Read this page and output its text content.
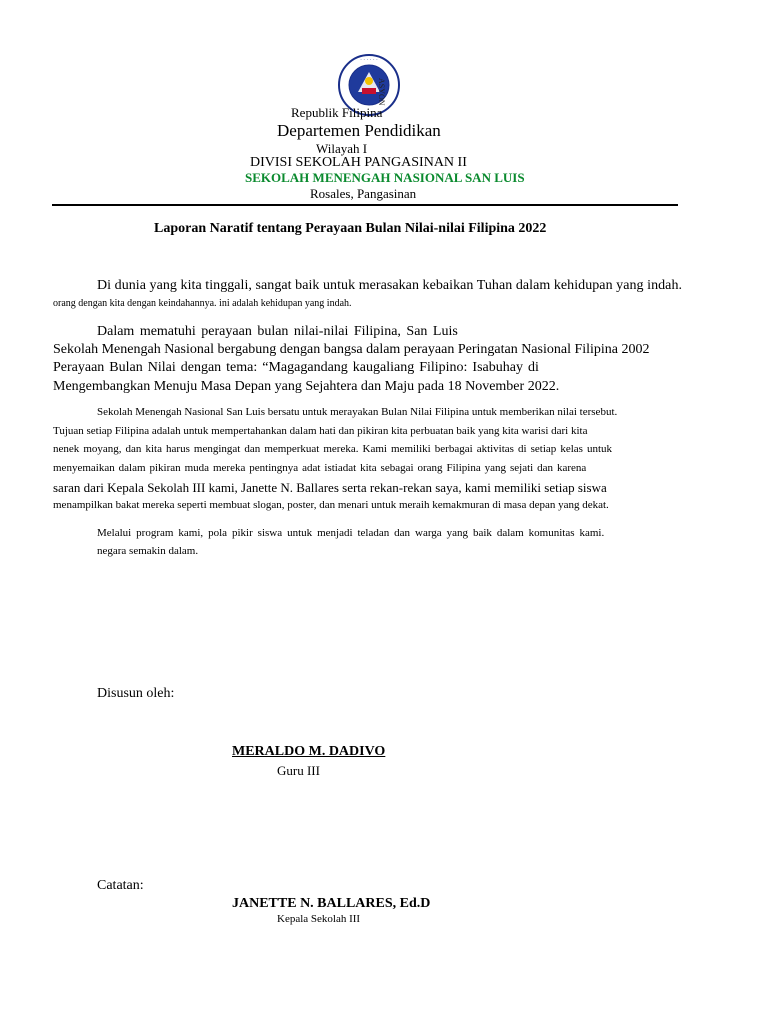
· · · · · ·
ASYON
Republik Filipina
Departemen Pendidikan
Wilayah I
DIVISI SEKOLAH PANGASINAN II
SEKOLAH MENENGAH NASIONAL SAN LUIS
Rosales, Pangasinan
Laporan Naratif tentang Perayaan Bulan Nilai-nilai Filipina 2022
Di dunia yang kita tinggali, sangat baik untuk merasakan kebaikan Tuhan dalam kehidupan yang indah.
orang dengan kita dengan keindahannya. ini adalah kehidupan yang indah.
Dalam mematuhi perayaan bulan nilai-nilai Filipina, San Luis
Sekolah Menengah Nasional bergabung dengan bangsa dalam perayaan Peringatan Nasional Filipina 2002
Perayaan Bulan Nilai dengan tema: “Magagandang kaugaliang Filipino: Isabuhay di
Mengembangkan Menuju Masa Depan yang Sejahtera dan Maju pada 18 November 2022.
Sekolah Menengah Nasional San Luis bersatu untuk merayakan Bulan Nilai Filipina untuk memberikan nilai tersebut.
Tujuan setiap Filipina adalah untuk mempertahankan dalam hati dan pikiran kita perbuatan baik yang kita warisi dari kita
nenek moyang, dan kita harus mengingat dan memperkuat mereka. Kami memiliki berbagai aktivitas di setiap kelas untuk
menyemaikan dalam pikiran muda mereka pentingnya adat istiadat kita sebagai orang Filipina yang sejati dan karena
saran dari Kepala Sekolah III kami, Janette N. Ballares serta rekan-rekan saya, kami memiliki setiap siswa
menampilkan bakat mereka seperti membuat slogan, poster, dan menari untuk meraih kemakmuran di masa depan yang dekat.
Melalui program kami, pola pikir siswa untuk menjadi teladan dan warga yang baik dalam komunitas kami.
negara semakin dalam.
Disusun oleh:
MERALDO M. DADIVO
Guru III
Catatan:
JANETTE N. BALLARES, Ed.D
Kepala Sekolah III
